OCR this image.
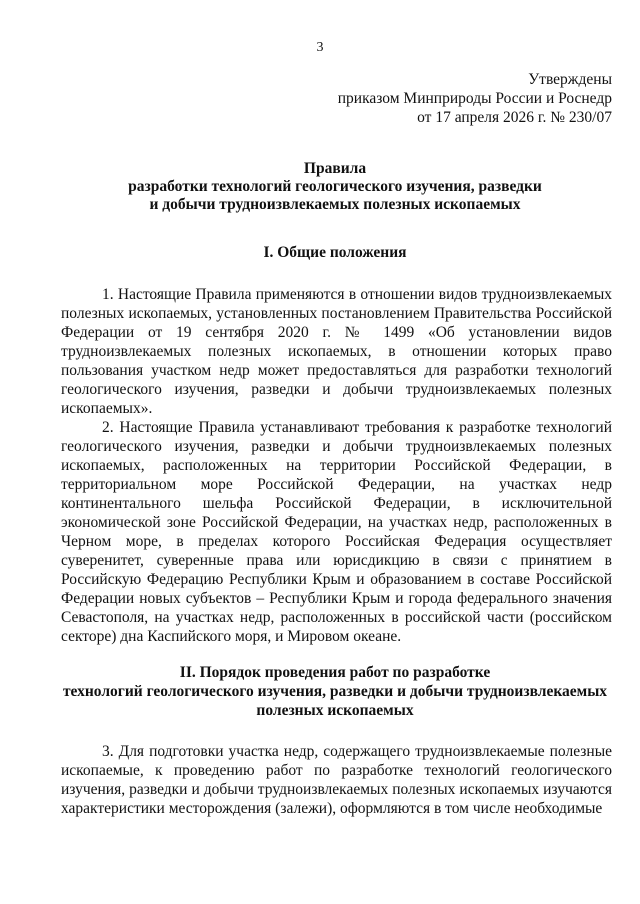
3
Утверждены
приказом Минприроды России и Роснедр
от 17 апреля 2026 г. № 230/07
Правила
разработки технологий геологического изучения, разведки
и добычи трудноизвлекаемых полезных ископаемых
I. Общие положения

1. Настоящие Правила применяются в отношении видов трудноизвлекаемых полезных ископаемых, установленных постановлением Правительства Российской Федерации от 19 сентября 2020 г. № 1499 «Об установлении видов трудноизвлекаемых полезных ископаемых, в отношении которых право пользования участком недр может предоставляться для разработки технологий геологического изучения, разведки и добычи трудноизвлекаемых полезных ископаемых».

2. Настоящие Правила устанавливают требования к разработке технологий геологического изучения, разведки и добычи трудноизвлекаемых полезных ископаемых, расположенных на территории Российской Федерации, в территориальном море Российской Федерации, на участках недр континентального шельфа Российской Федерации, в исключительной экономической зоне Российской Федерации, на участках недр, расположенных в Черном море, в пределах которого Российская Федерация осуществляет суверенитет, суверенные права или юрисдикцию в связи с принятием в Российскую Федерацию Республики Крым и образованием в составе Российской Федерации новых субъектов – Республики Крым и города федерального значения Севастополя, на участках недр, расположенных в российской части (российском секторе) дна Каспийского моря, и Мировом океане.

II. Порядок проведения работ по разработке
технологий геологического изучения, разведки и добычи трудноизвлекаемых
полезных ископаемых

3. Для подготовки участка недр, содержащего трудноизвлекаемые полезные ископаемые, к проведению работ по разработке технологий геологического изучения, разведки и добычи трудноизвлекаемых полезных ископаемых изучаются характеристики месторождения (залежи), оформляются в том числе необходимые
